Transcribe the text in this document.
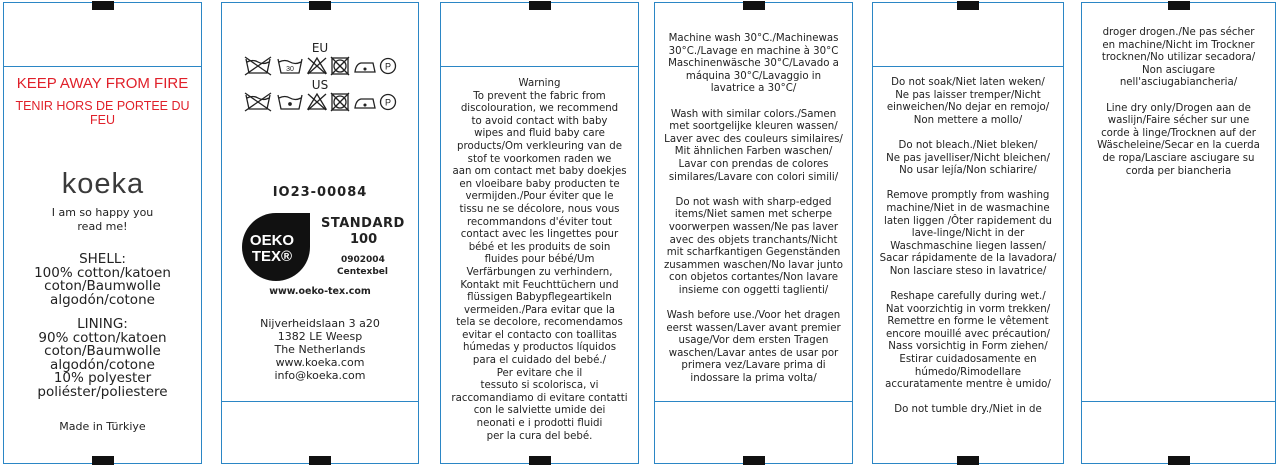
KEEP AWAY FROM FIRE
TENIR HORS DE PORTEE DU FEU

koeka

I am so happy you
read me!
SHELL:
100% cotton/katoen
coton/Baumwolle
algodón/cotone
LINING:
90% cotton/katoen
coton/Baumwolle
algodón/cotone
10% polyester
poliéster/poliestere
Made in Türkiye
EU
30	P
US
P
IO23-00084
OEKO
TEX®
STANDARD
100
0902004
Centexbel
www.oeko-tex.com
Nijverheidslaan 3 a20
1382 LE Weesp
The Netherlands
www.koeka.com
info@koeka.com
Warning
To prevent the fabric from
discolouration, we recommend
to avoid contact with baby
wipes and fluid baby care
products/Om verkleuring van de
stof te voorkomen raden we
aan om contact met baby doekjes
en vloeibare baby producten te
vermijden./Pour éviter que le
tissu ne se décolore, nous vous
recommandons d'éviter tout
contact avec les lingettes pour
bébé et les produits de soin
fluides pour bébé/Um
Verfärbungen zu verhindern,
Kontakt mit Feuchttüchern und
flüssigen Babypflegeartikeln
vermeiden./Para evitar que la
tela se decolore, recomendamos
evitar el contacto con toallitas
húmedas y productos líquidos
para el cuidado del bebé./
Per evitare che il
tessuto si scolorisca, vi
raccomandiamo di evitare contatti
con le salviette umide dei
neonati e i prodotti fluidi
per la cura del bebé.
Machine wash 30°C./Machinewas
30°C./Lavage en machine à 30°C
Maschinenwäsche 30°C/Lavado a
máquina 30°C/Lavaggio in
lavatrice a 30°C/

Wash with similar colors./Samen
met soortgelijke kleuren wassen/
Laver avec des couleurs similaires/
Mit ähnlichen Farben waschen/
Lavar con prendas de colores
similares/Lavare con colori simili/

Do not wash with sharp-edged
items/Niet samen met scherpe
voorwerpen wassen/Ne pas laver
avec des objets tranchants/Nicht
mit scharfkantigen Gegenständen
zusammen waschen/No lavar junto
con objetos cortantes/Non lavare
insieme con oggetti taglienti/

Wash before use./Voor het dragen
eerst wassen/Laver avant premier
usage/Vor dem ersten Tragen
waschen/Lavar antes de usar por
primera vez/Lavare prima di
indossare la prima volta/
Do not soak/Niet laten weken/
Ne pas laisser tremper/Nicht
einweichen/No dejar en remojo/
Non mettere a mollo/

Do not bleach./Niet bleken/
Ne pas javelliser/Nicht bleichen/
No usar lejía/Non schiarire/

Remove promptly from washing
machine/Niet in de wasmachine
laten liggen /Ôter rapidement du
lave-linge/Nicht in der
Waschmaschine liegen lassen/
Sacar rápidamente de la lavadora/
Non lasciare steso in lavatrice/

Reshape carefully during wet./
Nat voorzichtig in vorm trekken/
Remettre en forme le vêtement
encore mouillé avec précaution/
Nass vorsichtig in Form ziehen/
Estirar cuidadosamente en
húmedo/Rimodellare
accuratamente mentre è umido/

Do not tumble dry./Niet in de
droger drogen./Ne pas sécher
en machine/Nicht im Trockner
trocknen/No utilizar secadora/
Non asciugare
nell'asciugabiancheria/

Line dry only/Drogen aan de
waslijn/Faire sécher sur une
corde à linge/Trocknen auf der
Wäscheleine/Secar en la cuerda
de ropa/Lasciare asciugare su
corda per biancheria
